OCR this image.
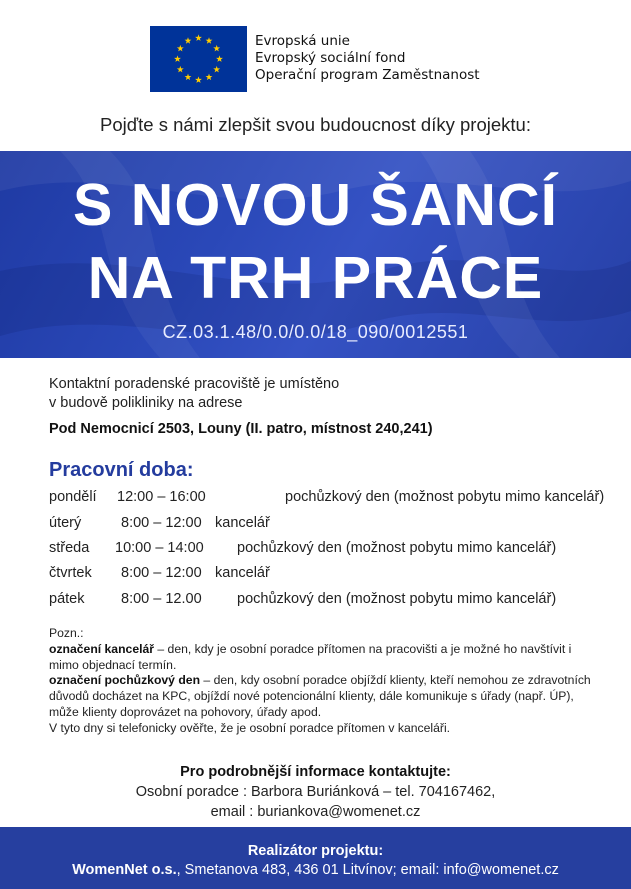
Evropská unie
Evropský sociální fond
Operační program Zaměstnanost
Pojďte s námi zlepšit svou budoucnost díky projektu:
S NOVOU ŠANCÍ
NA TRH PRÁCE
CZ.03.1.48/0.0/0.0/18_090/0012551
Kontaktní poradenské pracoviště je umístěno
v budově polikliniky na adrese
Pod Nemocnicí 2503, Louny (II. patro, místnost 240,241)
Pracovní doba:
pondělí 12:00 – 16:00	pochůzkový den (možnost pobytu mimo kancelář)
úterý	8:00 – 12:00 kancelář
středa 10:00 – 14:00 pochůzkový den (možnost pobytu mimo kancelář)
čtvrtek 8:00 – 12:00 kancelář
pátek	8:00 – 12.00 pochůzkový den (možnost pobytu mimo kancelář)
Pozn.:
označení kancelář – den, kdy je osobní poradce přítomen na pracovišti a je možné ho navštívit i mimo objednací termín.
označení pochůzkový den – den, kdy osobní poradce objíždí klienty, kteří nemohou ze zdravotních důvodů docházet na KPC, objíždí nové potencionální klienty, dále komunikuje s úřady (např. ÚP), může klienty doprovázet na pohovory, úřady apod.
V tyto dny si telefonicky ověřte, že je osobní poradce přítomen v kanceláři.
Pro podrobnější informace kontaktujte:
Osobní poradce : Barbora Buriánková – tel. 704167462,
email : buriankova@womenet.cz
Realizátor projektu:
WomenNet o.s., Smetanova 483, 436 01 Litvínov; email: info@womenet.cz
